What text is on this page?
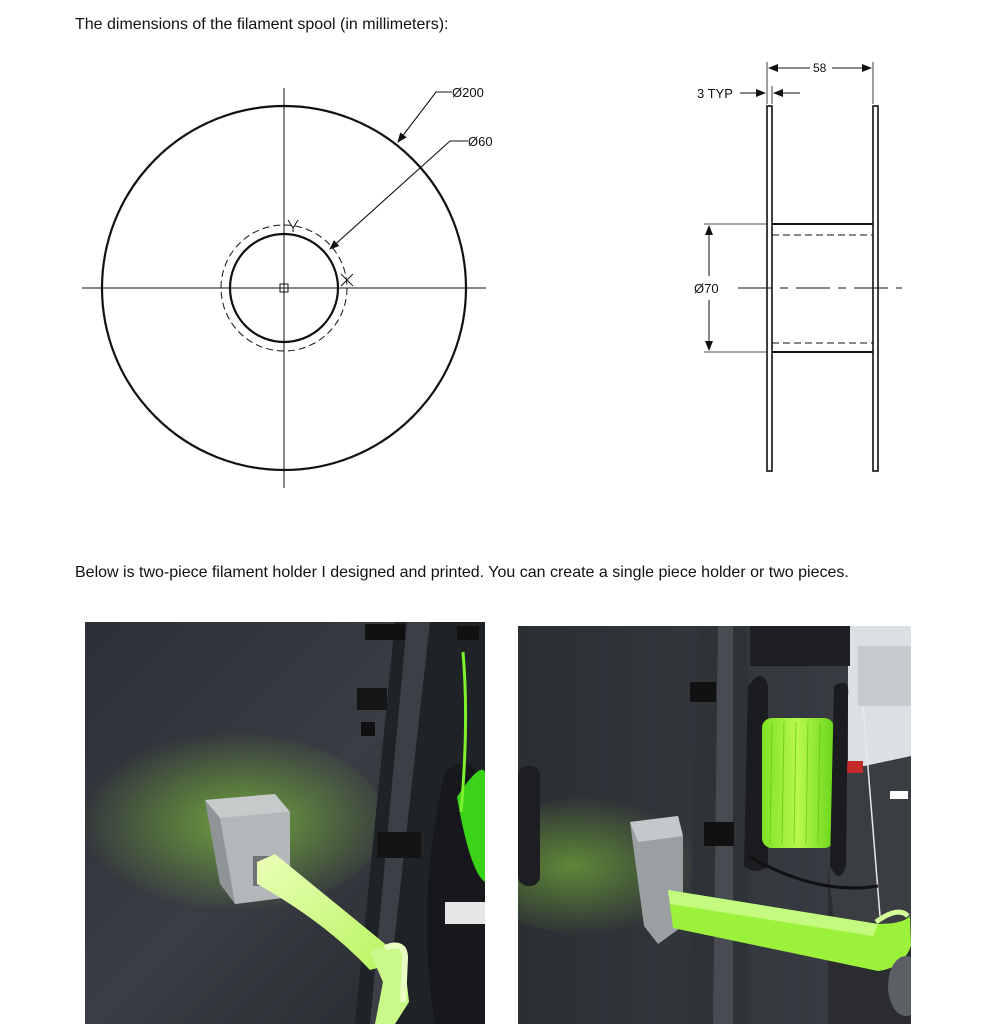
The dimensions of the filament spool (in millimeters):

Ø200
Ø60
Ø70
58
3 TYP

Below is two-piece filament holder I designed and printed. You can create a single piece holder or two pieces.
